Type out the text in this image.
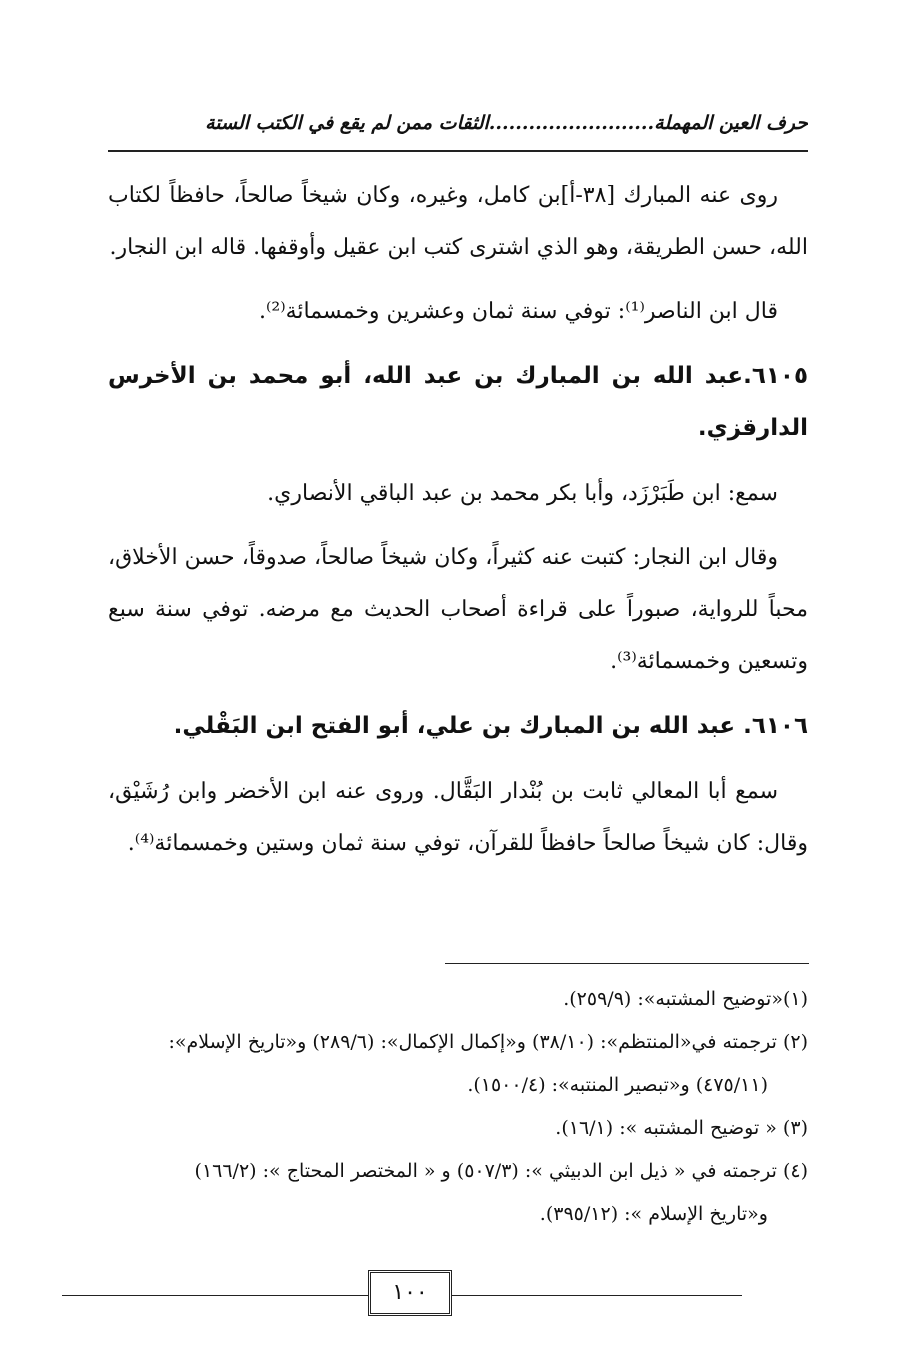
حرف العين المهملة.........................الثقات ممن لم يقع في الكتب الستة

روى عنه المبارك [٣٨-أ]بن كامل، وغيره، وكان شيخاً صالحاً، حافظاً لكتاب الله، حسن الطريقة، وهو الذي اشترى كتب ابن عقيل وأوقفها. قاله ابن النجار.

قال ابن الناصر⁽¹⁾: توفي سنة ثمان وعشرين وخمسمائة⁽²⁾.

٦١٠٥.عبد الله بن المبارك بن عبد الله، أبو محمد بن الأخرس الدارقزي.

سمع: ابن طَبَرْزَد، وأبا بكر محمد بن عبد الباقي الأنصاري.

وقال ابن النجار: كتبت عنه كثيراً، وكان شيخاً صالحاً، صدوقاً، حسن الأخلاق، محباً للرواية، صبوراً على قراءة أصحاب الحديث مع مرضه. توفي سنة سبع وتسعين وخمسمائة⁽³⁾.

٦١٠٦. عبد الله بن المبارك بن علي، أبو الفتح ابن البَقْلي.

سمع أبا المعالي ثابت بن بُنْدار البَقَّال. وروى عنه ابن الأخضر وابن رُشَيْق، وقال: كان شيخاً صالحاً حافظاً للقرآن، توفي سنة ثمان وستين وخمسمائة⁽⁴⁾.

(١)«توضيح المشتبه»: (٢٥٩/٩).

(٢) ترجمته في«المنتظم»: (٣٨/١٠) و«إكمال الإكمال»: (٢٨٩/٦) و«تاريخ الإسلام»:

(٤٧٥/١١) و«تبصير المنتبه»: (١٥٠٠/٤).

(٣) « توضيح المشتبه »: (١٦/١).

(٤) ترجمته في « ذيل ابن الدبيثي »: (٥٠٧/٣) و « المختصر المحتاج »: (١٦٦/٢)

و«تاريخ الإسلام »: (٣٩٥/١٢).

١٠٠
